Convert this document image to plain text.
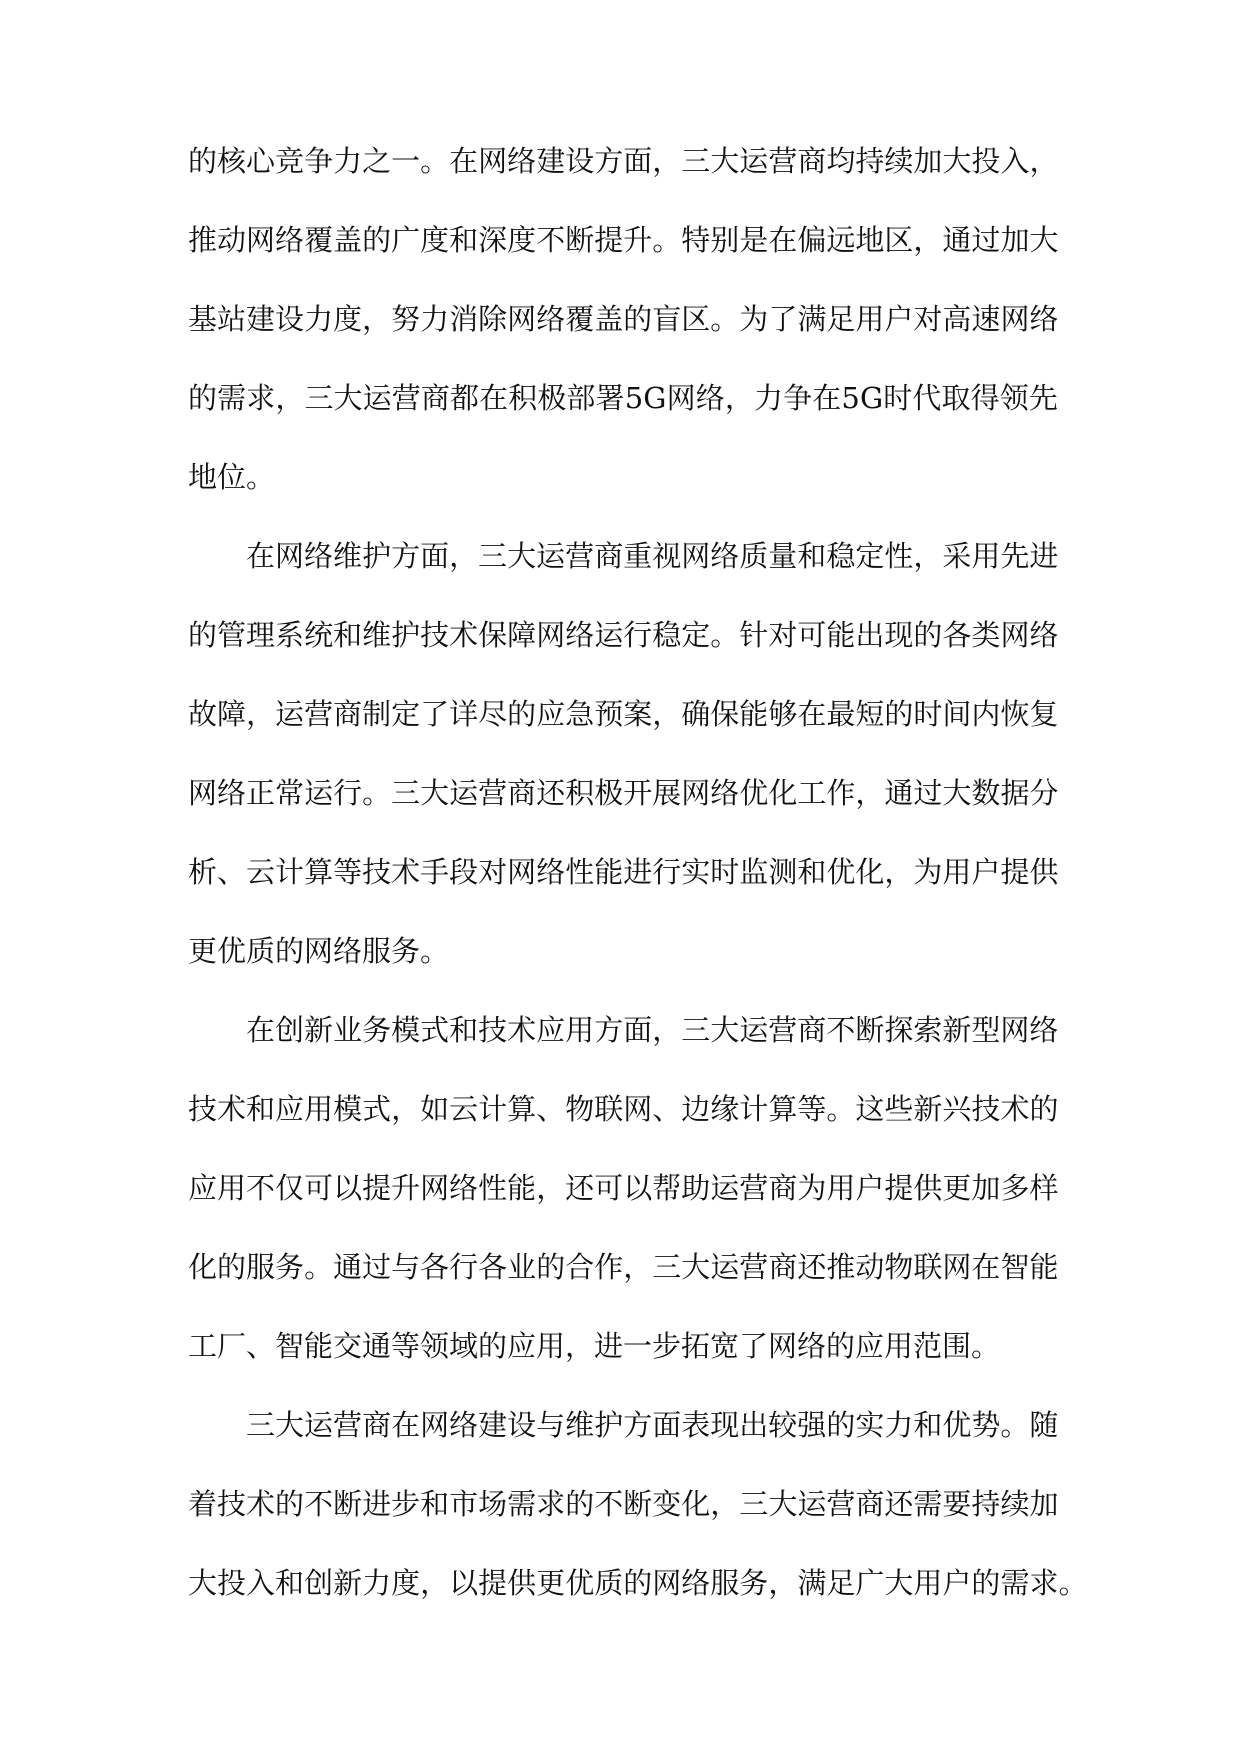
的 核 心 竞 争 力 之 一 。 在 网 络 建 设 方 面 ， 三 大 运 营 商 均 持 续 加 大 投 入 ，
推 动 网 络 覆 盖 的 广 度 和 深 度 不 断 提 升 。 特 别 是 在 偏 远 地 区 ， 通 过 加 大
基 站 建 设 力 度 ， 努 力 消 除 网 络 覆 盖 的 盲 区 。 为 了 满 足 用 户 对 高 速 网 络
的 需 求 ， 三 大 运 营 商 都 在 积 极 部 署 5 G 网 络 ， 力 争 在 5 G 时 代 取 得 领 先
地位。
在 网 络 维 护 方 面 ， 三 大 运 营 商 重 视 网 络 质 量 和 稳 定 性 ， 采 用 先 进
的 管 理 系 统 和 维 护 技 术 保 障 网 络 运 行 稳 定 。 针 对 可 能 出 现 的 各 类 网 络
故 障 ， 运 营 商 制 定 了 详 尽 的 应 急 预 案 ， 确 保 能 够 在 最 短 的 时 间 内 恢 复
网 络 正 常 运 行 。 三 大 运 营 商 还 积 极 开 展 网 络 优 化 工 作 ， 通 过 大 数 据 分
析 、 云 计 算 等 技 术 手 段 对 网 络 性 能 进 行 实 时 监 测 和 优 化 ， 为 用 户 提 供
更优质的网络服务。
在 创 新 业 务 模 式 和 技 术 应 用 方 面 ， 三 大 运 营 商 不 断 探 索 新 型 网 络
技 术 和 应 用 模 式 ， 如 云 计 算 、 物 联 网 、 边 缘 计 算 等 。 这 些 新 兴 技 术 的
应 用 不 仅 可 以 提 升 网 络 性 能 ， 还 可 以 帮 助 运 营 商 为 用 户 提 供 更 加 多 样
化 的 服 务 。 通 过 与 各 行 各 业 的 合 作 ， 三 大 运 营 商 还 推 动 物 联 网 在 智 能
工厂、智能交通等领域的应用，进一步拓宽了网络的应用范围。
三 大 运 营 商 在 网 络 建 设 与 维 护 方 面 表 现 出 较 强 的 实 力 和 优 势 。 随
着 技 术 的 不 断 进 步 和 市 场 需 求 的 不 断 变 化 ， 三 大 运 营 商 还 需 要 持 续 加
大 投 入 和 创 新 力 度 ， 以 提 供 更 优 质 的 网 络 服 务 ， 满 足 广 大 用 户 的 需 求 。
